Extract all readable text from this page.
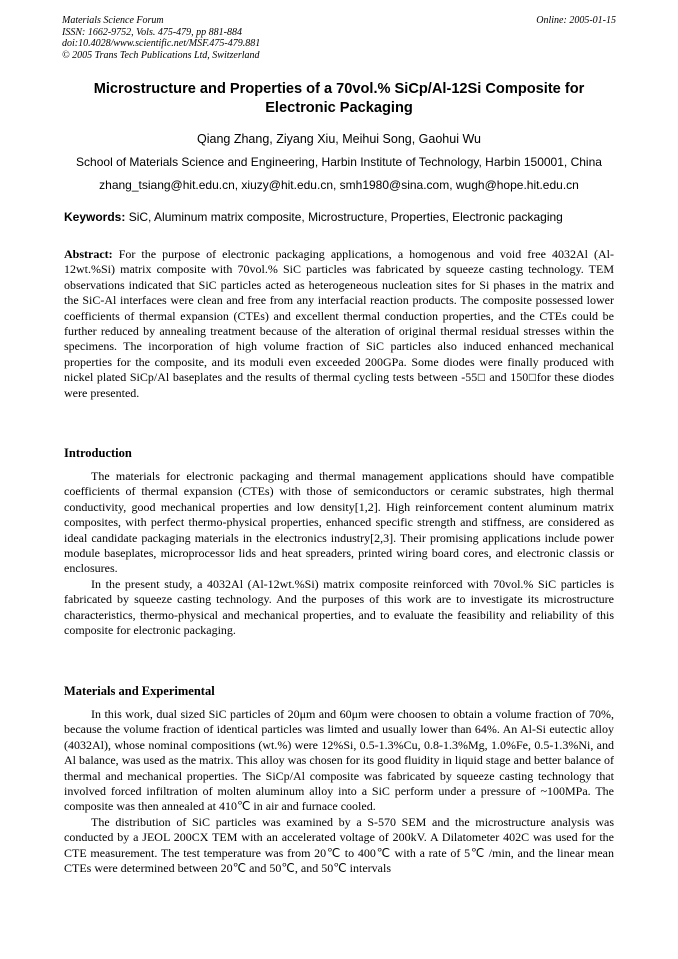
Materials Science Forum
ISSN: 1662-9752, Vols. 475-479, pp 881-884
doi:10.4028/www.scientific.net/MSF.475-479.881
© 2005 Trans Tech Publications Ltd, Switzerland
Online: 2005-01-15
Microstructure and Properties of a 70vol.% SiCp/Al-12Si Composite for Electronic Packaging
Qiang Zhang, Ziyang Xiu, Meihui Song, Gaohui Wu
School of Materials Science and Engineering, Harbin Institute of Technology, Harbin 150001, China
zhang_tsiang@hit.edu.cn, xiuzy@hit.edu.cn, smh1980@sina.com, wugh@hope.hit.edu.cn
Keywords: SiC, Aluminum matrix composite, Microstructure, Properties, Electronic packaging

Abstract: For the purpose of electronic packaging applications, a homogenous and void free 4032Al (Al-12wt.%Si) matrix composite with 70vol.% SiC particles was fabricated by squeeze casting technology. TEM observations indicated that SiC particles acted as heterogeneous nucleation sites for Si phases in the matrix and the SiC-Al interfaces were clean and free from any interfacial reaction products. The composite possessed lower coefficients of thermal expansion (CTEs) and excellent thermal conduction properties, and the CTEs could be further reduced by annealing treatment because of the alteration of original thermal residual stresses within the specimens. The incorporation of high volume fraction of SiC particles also induced enhanced mechanical properties for the composite, and its moduli even exceeded 200GPa. Some diodes were finally produced with nickel plated SiCp/Al baseplates and the results of thermal cycling tests between -55□ and 150□for these diodes were presented.

Introduction

The materials for electronic packaging and thermal management applications should have compatible coefficients of thermal expansion (CTEs) with those of semiconductors or ceramic substrates, high thermal conductivity, good mechanical properties and low density[1,2]. High reinforcement content aluminum matrix composites, with perfect thermo-physical properties, enhanced specific strength and stiffness, are considered as ideal candidate packaging materials in the electronics industry[2,3]. Their promising applications include power module baseplates, microprocessor lids and heat spreaders, printed wiring board cores, and electronic classis or enclosures.

In the present study, a 4032Al (Al-12wt.%Si) matrix composite reinforced with 70vol.% SiC particles is fabricated by squeeze casting technology. And the purposes of this work are to investigate its microstructure characteristics, thermo-physical and mechanical properties, and to evaluate the feasibility and reliability of this composite for electronic packaging.

Materials and Experimental

In this work, dual sized SiC particles of 20μm and 60μm were choosen to obtain a volume fraction of 70%, because the volume fraction of identical particles was limted and usually lower than 64%. An Al-Si eutectic alloy (4032Al), whose nominal compositions (wt.%) were 12%Si, 0.5-1.3%Cu, 0.8-1.3%Mg, 1.0%Fe, 0.5-1.3%Ni, and Al balance, was used as the matrix. This alloy was chosen for its good fluidity in liquid stage and better balance of thermal and mechanical properties. The SiCp/Al composite was fabricated by squeeze casting technology that involved forced infiltration of molten aluminum alloy into a SiC perform under a pressure of ~100MPa. The composite was then annealed at 410℃ in air and furnace cooled.

The distribution of SiC particles was examined by a S-570 SEM and the microstructure analysis was conducted by a JEOL 200CX TEM with an accelerated voltage of 200kV. A Dilatometer 402C was used for the CTE measurement. The test temperature was from 20℃ to 400℃ with a rate of 5℃ /min, and the linear mean CTEs were determined between 20℃ and 50℃, and 50℃ intervals
